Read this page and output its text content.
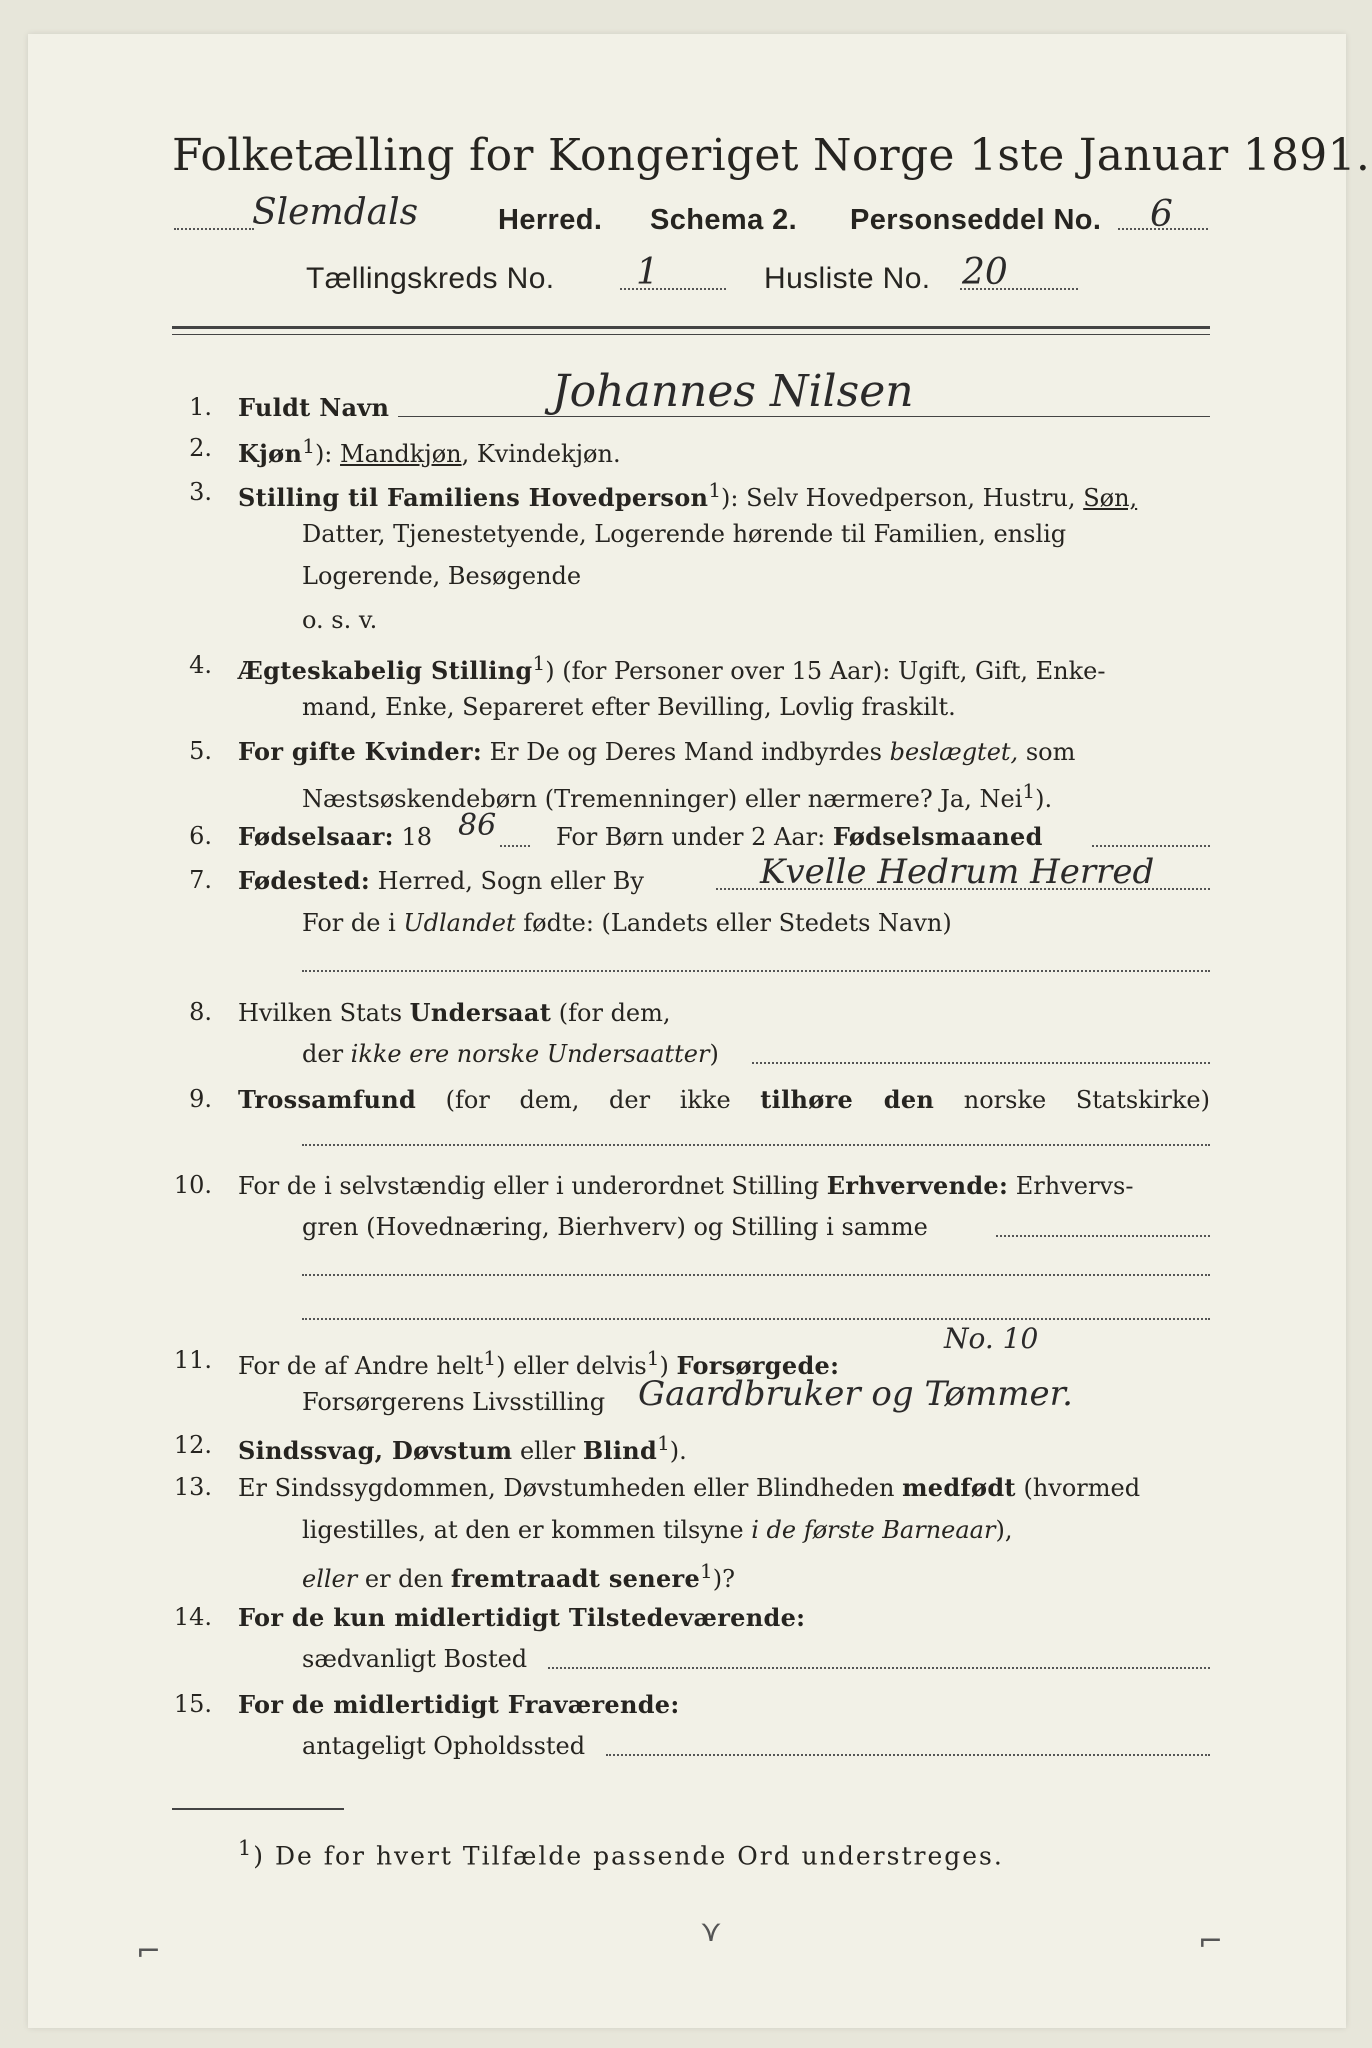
Folketælling for Kongeriget Norge 1ste Januar 1891.
Slemdals	Herred. Schema 2. Personseddel No. 6
Tællingskreds No. 1	Husliste No. 20
1. Fuldt Navn	Johannes Nilsen
2. Kjøn$^1$): Mandkjøn, Kvindekjøn.
3. Stilling til Familiens Hovedperson$^1$): Selv Hovedperson, Hustru, Søn,
Datter, Tjenestetyende, Logerende hørende til Familien, enslig
Logerende, Besøgende
o. s. v.
4. Ægteskabelig Stilling$^1$) (for Personer over 15 Aar): Ugift, Gift, Enke-
mand, Enke, Separeret efter Bevilling, Lovlig fraskilt.
5. For gifte Kvinder: Er De og Deres Mand indbyrdes beslægtet, som
Næstsøskendebørn (Tremenninger) eller nærmere? Ja, Nei$^1$).
6. Fødselsaar: 18	For Børn under 2 Aar: Fødselsmaaned
86
7. Fødested: Herred, Sogn eller By	Kvelle Hedrum Herred
For de i Udlandet fødte: (Landets eller Stedets Navn)
8. Hvilken Stats Undersaat (for dem,
der ikke ere norske Undersaatter)
9. Trossamfund (for dem, der ikke tilhøre den norske Statskirke)
10. For de i selvstændig eller i underordnet Stilling Erhvervende: Erhvervs-
gren (Hovednæring, Bierhverv) og Stilling i samme
11. For de af Andre helt$^1$) eller delvis$^1$) Forsørgede:
No. 10
Forsørgerens Livsstilling Gaardbruker og Tømmer.
12. Sindssvag, Døvstum eller Blind$^1$).
13. Er Sindssygdommen, Døvstumheden eller Blindheden medfødt (hvormed
ligestilles, at den er kommen tilsyne i de første Barneaar),
eller er den fremtraadt senere$^1$)?
14. For de kun midlertidigt Tilstedeværende:
sædvanligt Bosted
15. For de midlertidigt Fraværende:
antageligt Opholdssted
$^1$) De for hvert Tilfælde passende Ord understreges.
⌐
⋎	⌐
